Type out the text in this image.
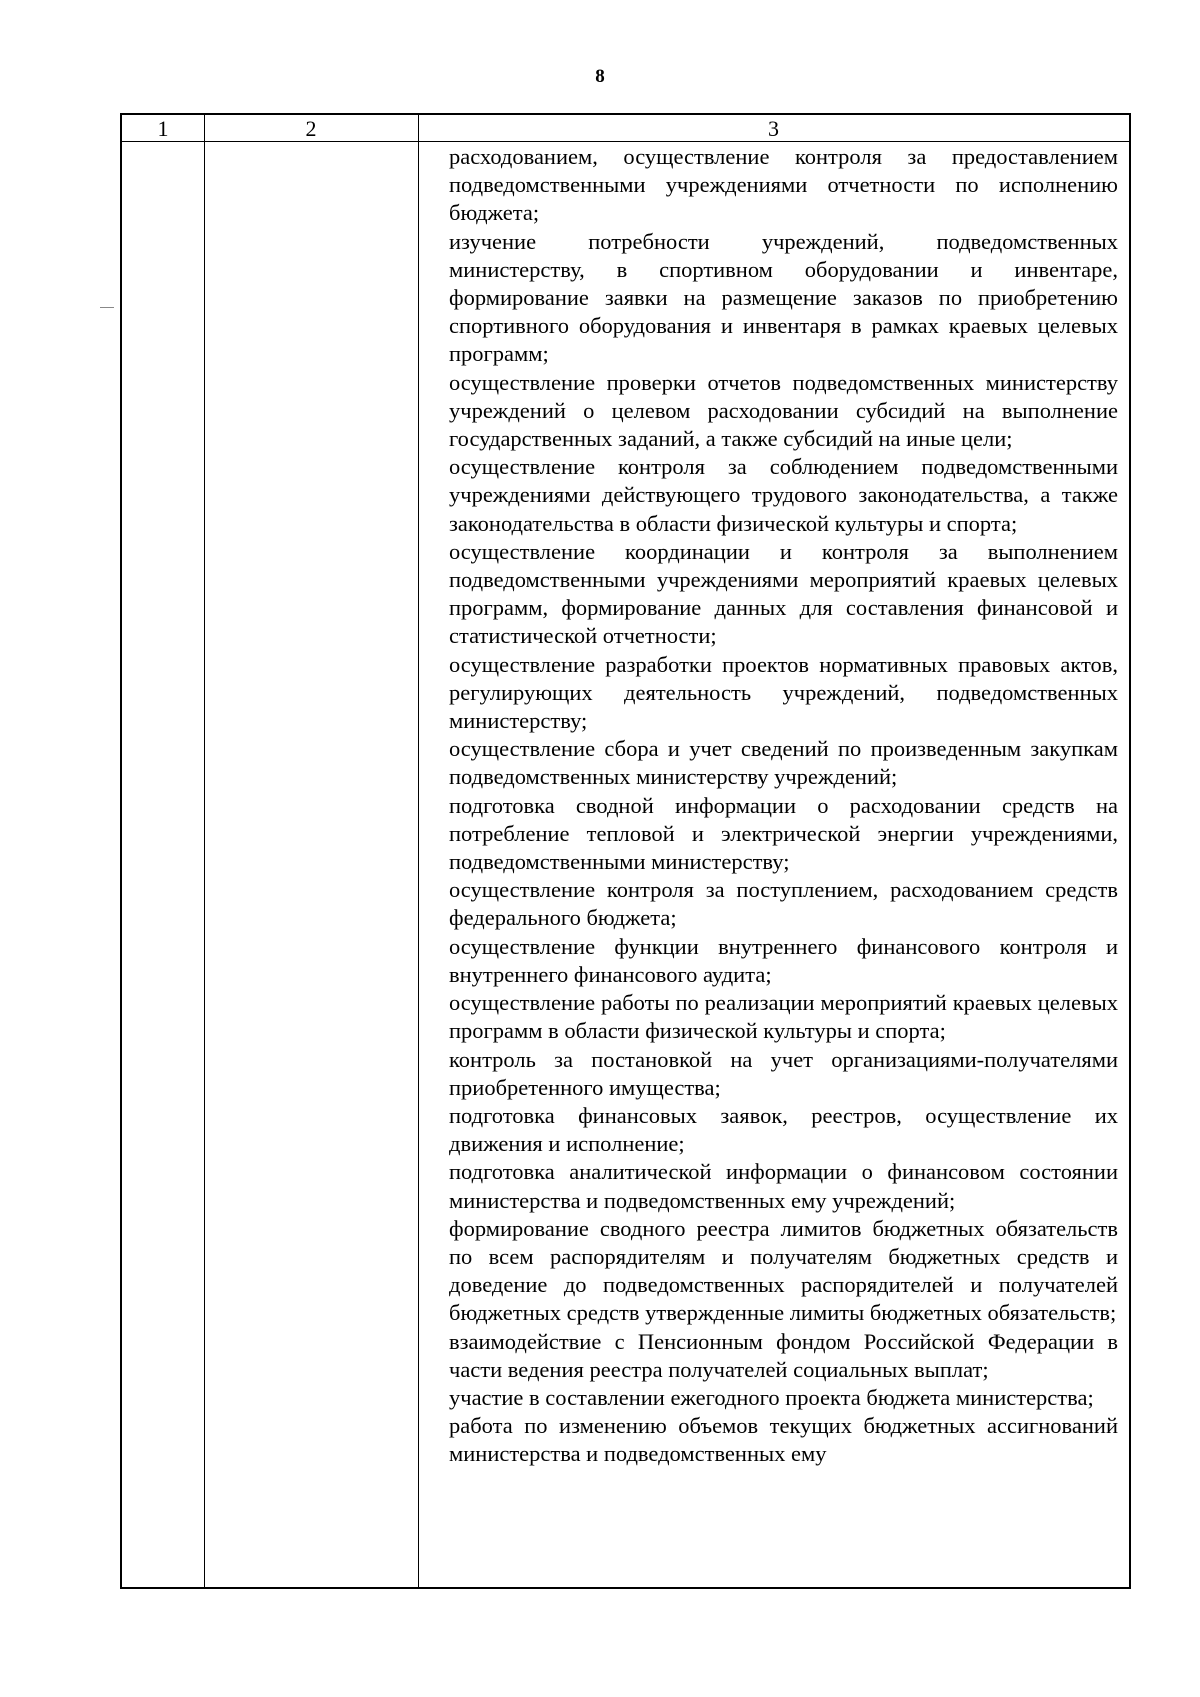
8
1	2	3

расходованием, осуществление контроля за предоставлением подведомственными учреждениями отчетности по исполнению бюджета;

изучение потребности учреждений, подведомственных министерству, в спортивном оборудовании и инвентаре, формирование заявки на размещение заказов по приобретению спортивного оборудования и инвентаря в рамках краевых целевых программ;

осуществление проверки отчетов подведомственных министерству учреждений о целевом расходовании субсидий на выполнение государственных заданий, а также субсидий на иные цели;

осуществление контроля за соблюдением подведомственными учреждениями действующего трудового законодательства, а также законодательства в области физической культуры и спорта;

осуществление координации и контроля за выполнением подведомственными учреждениями мероприятий краевых целевых программ, формирование данных для составления финансовой и статистической отчетности;

осуществление разработки проектов нормативных правовых актов, регулирующих деятельность учреждений, подведомственных министерству;

осуществление сбора и учет сведений по произведенным закупкам подведомственных министерству учреждений;

подготовка сводной информации о расходовании средств на потребление тепловой и электрической энергии учреждениями, подведомственными министерству;

осуществление контроля за поступлением, расходованием средств федерального бюджета;

осуществление функции внутреннего финансового контроля и внутреннего финансового аудита;

осуществление работы по реализации мероприятий краевых целевых программ в области физической культуры и спорта;

контроль за постановкой на учет организациями-получателями приобретенного имущества;

подготовка финансовых заявок, реестров, осуществление их движения и исполнение;

подготовка аналитической информации о финансовом состоянии министерства и подведомственных ему учреждений;

формирование сводного реестра лимитов бюджетных обязательств по всем распорядителям и получателям бюджетных средств и доведение до подведомственных распорядителей и получателей бюджетных средств утвержденные лимиты бюджетных обязательств;

взаимодействие с Пенсионным фондом Российской Федерации в части ведения реестра получателей социальных выплат;

участие в составлении ежегодного проекта бюджета министерства;

работа по изменению объемов текущих бюджетных ассигнований министерства и подведомственных ему
